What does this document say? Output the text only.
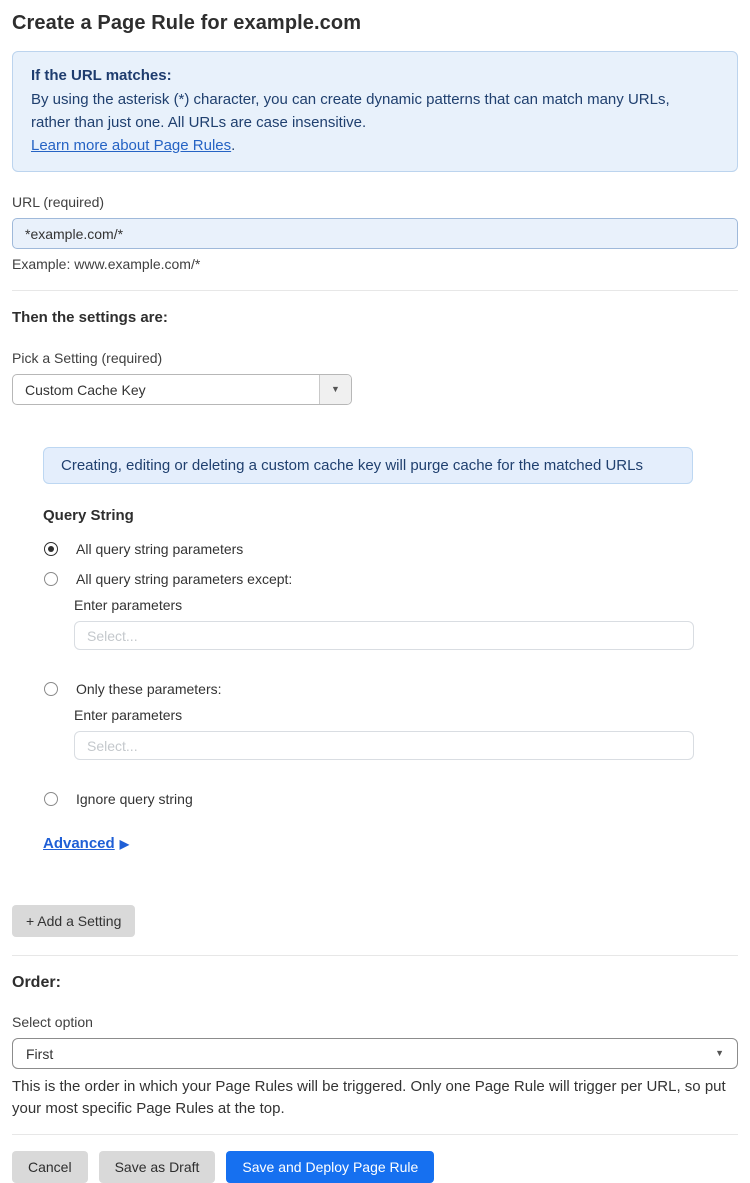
Create a Page Rule for example.com
If the URL matches:
By using the asterisk (*) character, you can create dynamic patterns that can match many URLs, rather than just one. All URLs are case insensitive.
Learn more about Page Rules.
URL (required)
*example.com/*
Example: www.example.com/*
Then the settings are:
Pick a Setting (required)
Custom Cache Key	▼
Creating, editing or deleting a custom cache key will purge cache for the matched URLs
Query String
All query string parameters
All query string parameters except:
Enter parameters
Select...
Only these parameters:
Enter parameters
Select...
Ignore query string
Advanced ▶
+ Add a Setting
Order:
Select option
First	▼
This is the order in which your Page Rules will be triggered. Only one Page Rule will trigger per URL, so put your most specific Page Rules at the top.
Cancel	Save as Draft	Save and Deploy Page Rule
